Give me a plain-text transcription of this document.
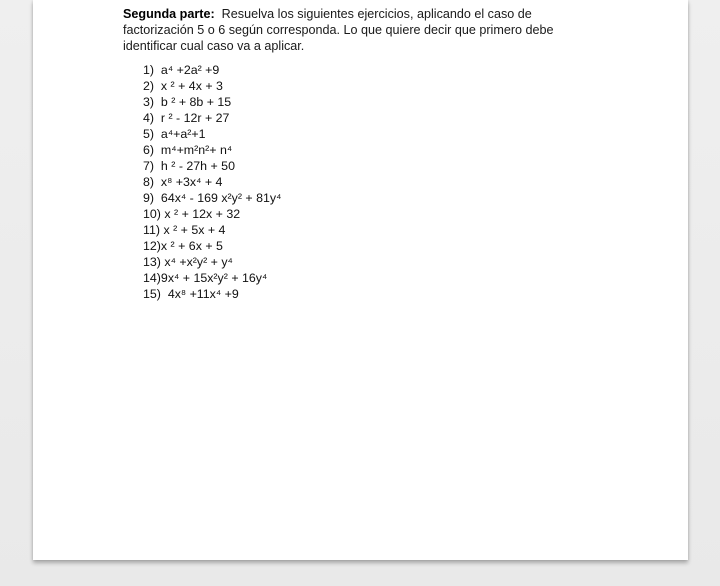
Segunda parte: Resuelva los siguientes ejercicios, aplicando el caso de
factorización 5 o 6 según corresponda. Lo que quiere decir que primero debe
identificar cual caso va a aplicar.
1) a⁴ +2a² +9
2) x ² + 4x + 3
3) b ² + 8b + 15
4) r ² - 12r + 27
5) a⁴+a²+1
6) m⁴+m²n²+ n⁴
7) h ² - 27h + 50
8) x⁸ +3x⁴ + 4
9) 64x⁴ - 169 x²y² + 81y⁴
10) x ² + 12x + 32
11) x ² + 5x + 4
12)x ² + 6x + 5
13) x⁴ +x²y² + y⁴
14)9x⁴ + 15x²y² + 16y⁴
15) 4x⁸ +11x⁴ +9
